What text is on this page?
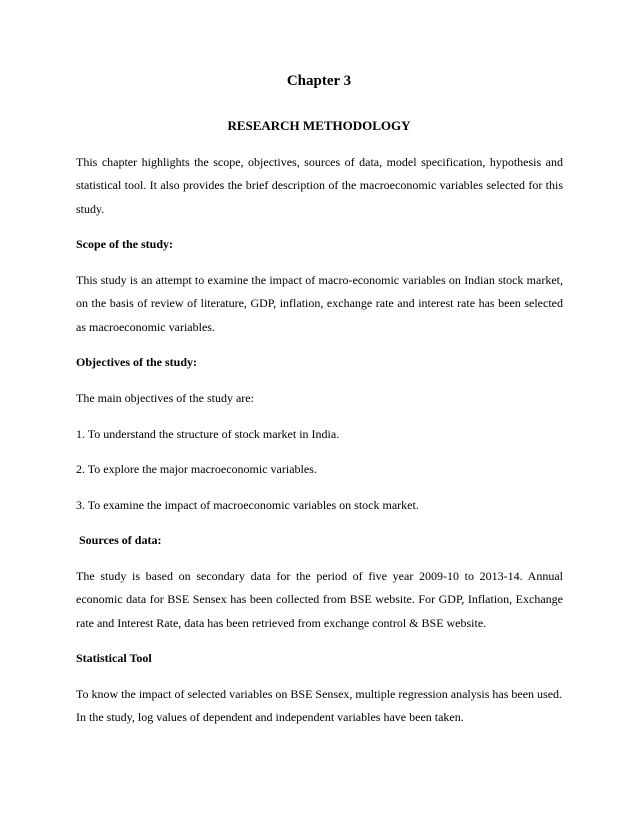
Chapter 3
RESEARCH METHODOLOGY

This chapter highlights the scope, objectives, sources of data, model specification, hypothesis and statistical tool. It also provides the brief description of the macroeconomic variables selected for this study.

Scope of the study:

This study is an attempt to examine the impact of macro-economic variables on Indian stock market, on the basis of review of literature, GDP, inflation, exchange rate and interest rate has been selected as macroeconomic variables.

Objectives of the study:

The main objectives of the study are:

1. To understand the structure of stock market in India.

2. To explore the major macroeconomic variables.

3. To examine the impact of macroeconomic variables on stock market.

Sources of data:

The study is based on secondary data for the period of five year 2009-10 to 2013-14. Annual economic data for BSE Sensex has been collected from BSE website. For GDP, Inflation, Exchange rate and Interest Rate, data has been retrieved from exchange control & BSE website.

Statistical Tool

To know the impact of selected variables on BSE Sensex, multiple regression analysis has been used. In the study, log values of dependent and independent variables have been taken.
